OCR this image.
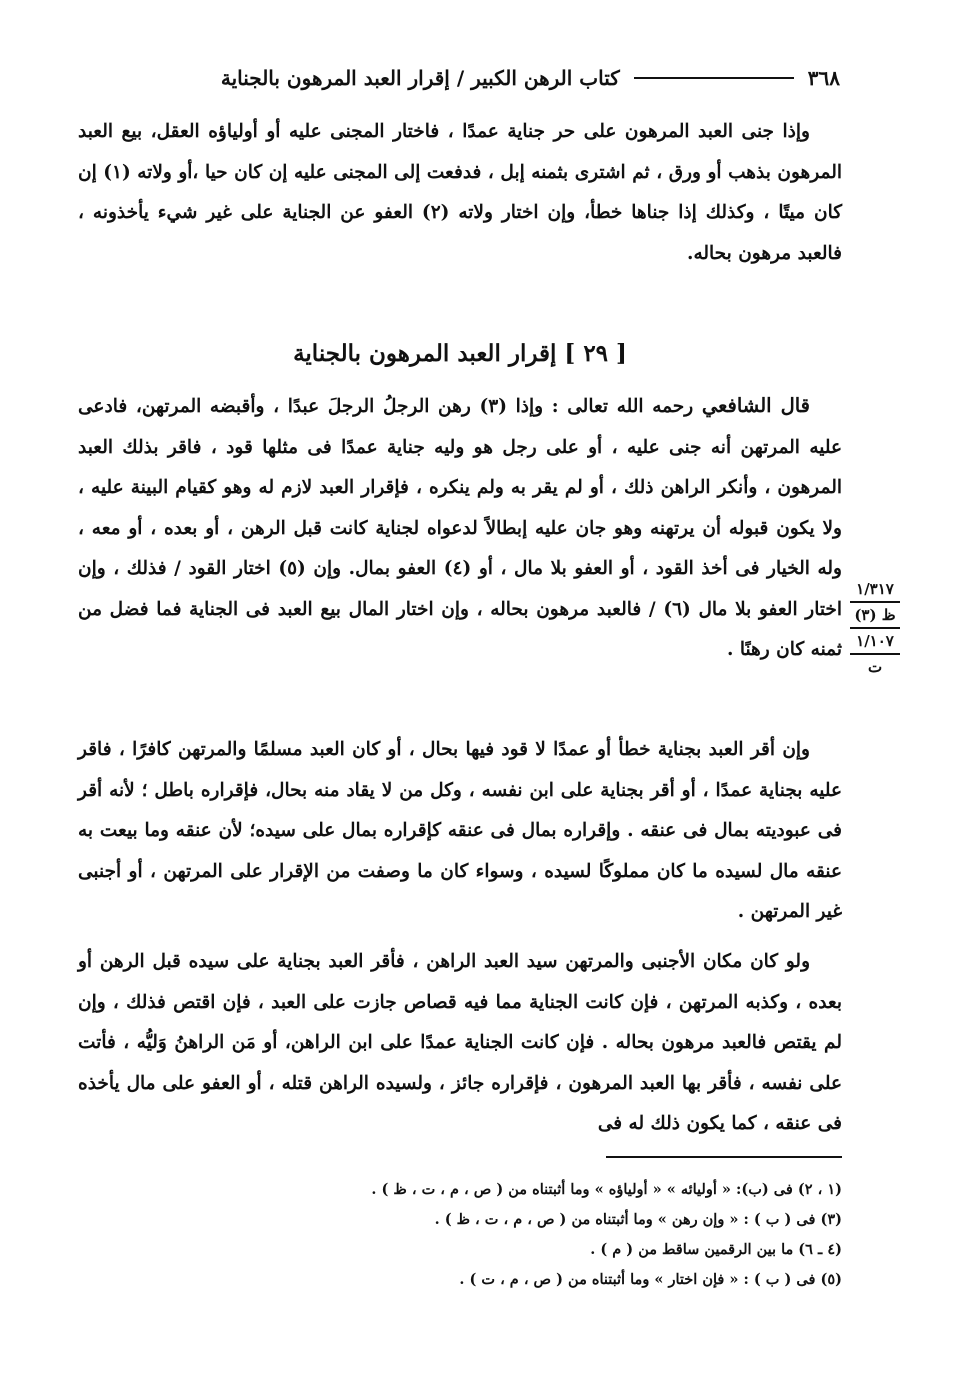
٣٦٨
كتاب الرهن الكبير / إقرار العبد المرهون بالجناية

وإذا جنى العبد المرهون على حر جناية عمدًا ، فاختار المجنى عليه أو أولياؤه العقل، بيع العبد المرهون بذهب أو ورق ، ثم اشترى بثمنه إبل ، فدفعت إلى المجنى عليه إن كان حيا ،أو ولاته (١) إن كان ميتًا ، وكذلك إذا جناها خطأ، وإن اختار ولاته (٢) العفو عن الجناية على غير شيء يأخذونه ، فالعبد مرهون بحاله.

[ ٢٩ ] إقرار العبد المرهون بالجناية

قال الشافعي رحمه الله تعالى : وإذا (٣) رهن الرجلُ الرجلَ عبدًا ، وأقبضه المرتهن، فادعى عليه المرتهن أنه جنى عليه ، أو على رجل هو وليه جناية عمدًا فى مثلها قود ، فاقر بذلك العبد المرهون ، وأنكر الراهن ذلك ، أو لم يقر به ولم ينكره ، فإقرار العبد لازم له وهو كقيام البينة عليه ، ولا يكون قبوله أن يرتهنه وهو جان عليه إبطالاً لدعواه لجناية كانت قبل الرهن ، أو بعده ، أو معه ، وله الخيار فى أخذ القود ، أو العفو بلا مال ، أو (٤) العفو بمال. وإن (٥) اختار القود / فذلك ، وإن اختار العفو بلا مال (٦) / فالعبد مرهون بحاله ، وإن اختار المال بيع العبد فى الجناية فما فضل من ثمنه كان رهنًا .

وإن أقر العبد بجناية خطأ أو عمدًا لا قود فيها بحال ، أو كان العبد مسلمًا والمرتهن كافرًا ، فاقر عليه بجناية عمدًا ، أو أقر بجناية على ابن نفسه ، وكل من لا يقاد منه بحال، فإقراره باطل ؛ لأنه أقر فى عبوديته بمال فى عنقه . وإقراره بمال فى عنقه كإقراره بمال على سيده؛ لأن عنقه وما بيعت به عنقه مال لسيده ما كان مملوكًا لسيده ، وسواء كان ما وصفت من الإقرار على المرتهن ، أو أجنبى غير المرتهن .

ولو كان مكان الأجنبى والمرتهن سيد العبد الراهن ، فأقر العبد بجناية على سيده قبل الرهن أو بعده ، وكذبه المرتهن ، فإن كانت الجناية مما فيه قصاص جازت على العبد ، فإن اقتص فذلك ، وإن لم يقتص فالعبد مرهون بحاله . فإن كانت الجناية عمدًا على ابن الراهن، أو مَن الراهنُ وَليُّه ، فأتت على نفسه ، فأقر بها العبد المرهون ، فإقراره جائز ، ولسيده الراهن قتله ، أو العفو على مال يأخذه فى عنقه ، كما يكون ذلك له فى

١/٣١٧
ظ (٣)
١/١٠٧
ت
(١ ، ٢) فى (ب): « أوليائه » « أولياؤه » وما أثبتناه من ( ص ، م ، ت ، ظ ) .
(٣) فى ( ب ) : « وإن رهن » وما أثبتناه من ( ص ، م ، ت ، ظ ) .
(٤ ـ ٦) ما بين الرقمين ساقط من ( م ) .
(٥) فى ( ب ) : « فإن اختار » وما أثبتناه من ( ص ، م ، ت ) .
